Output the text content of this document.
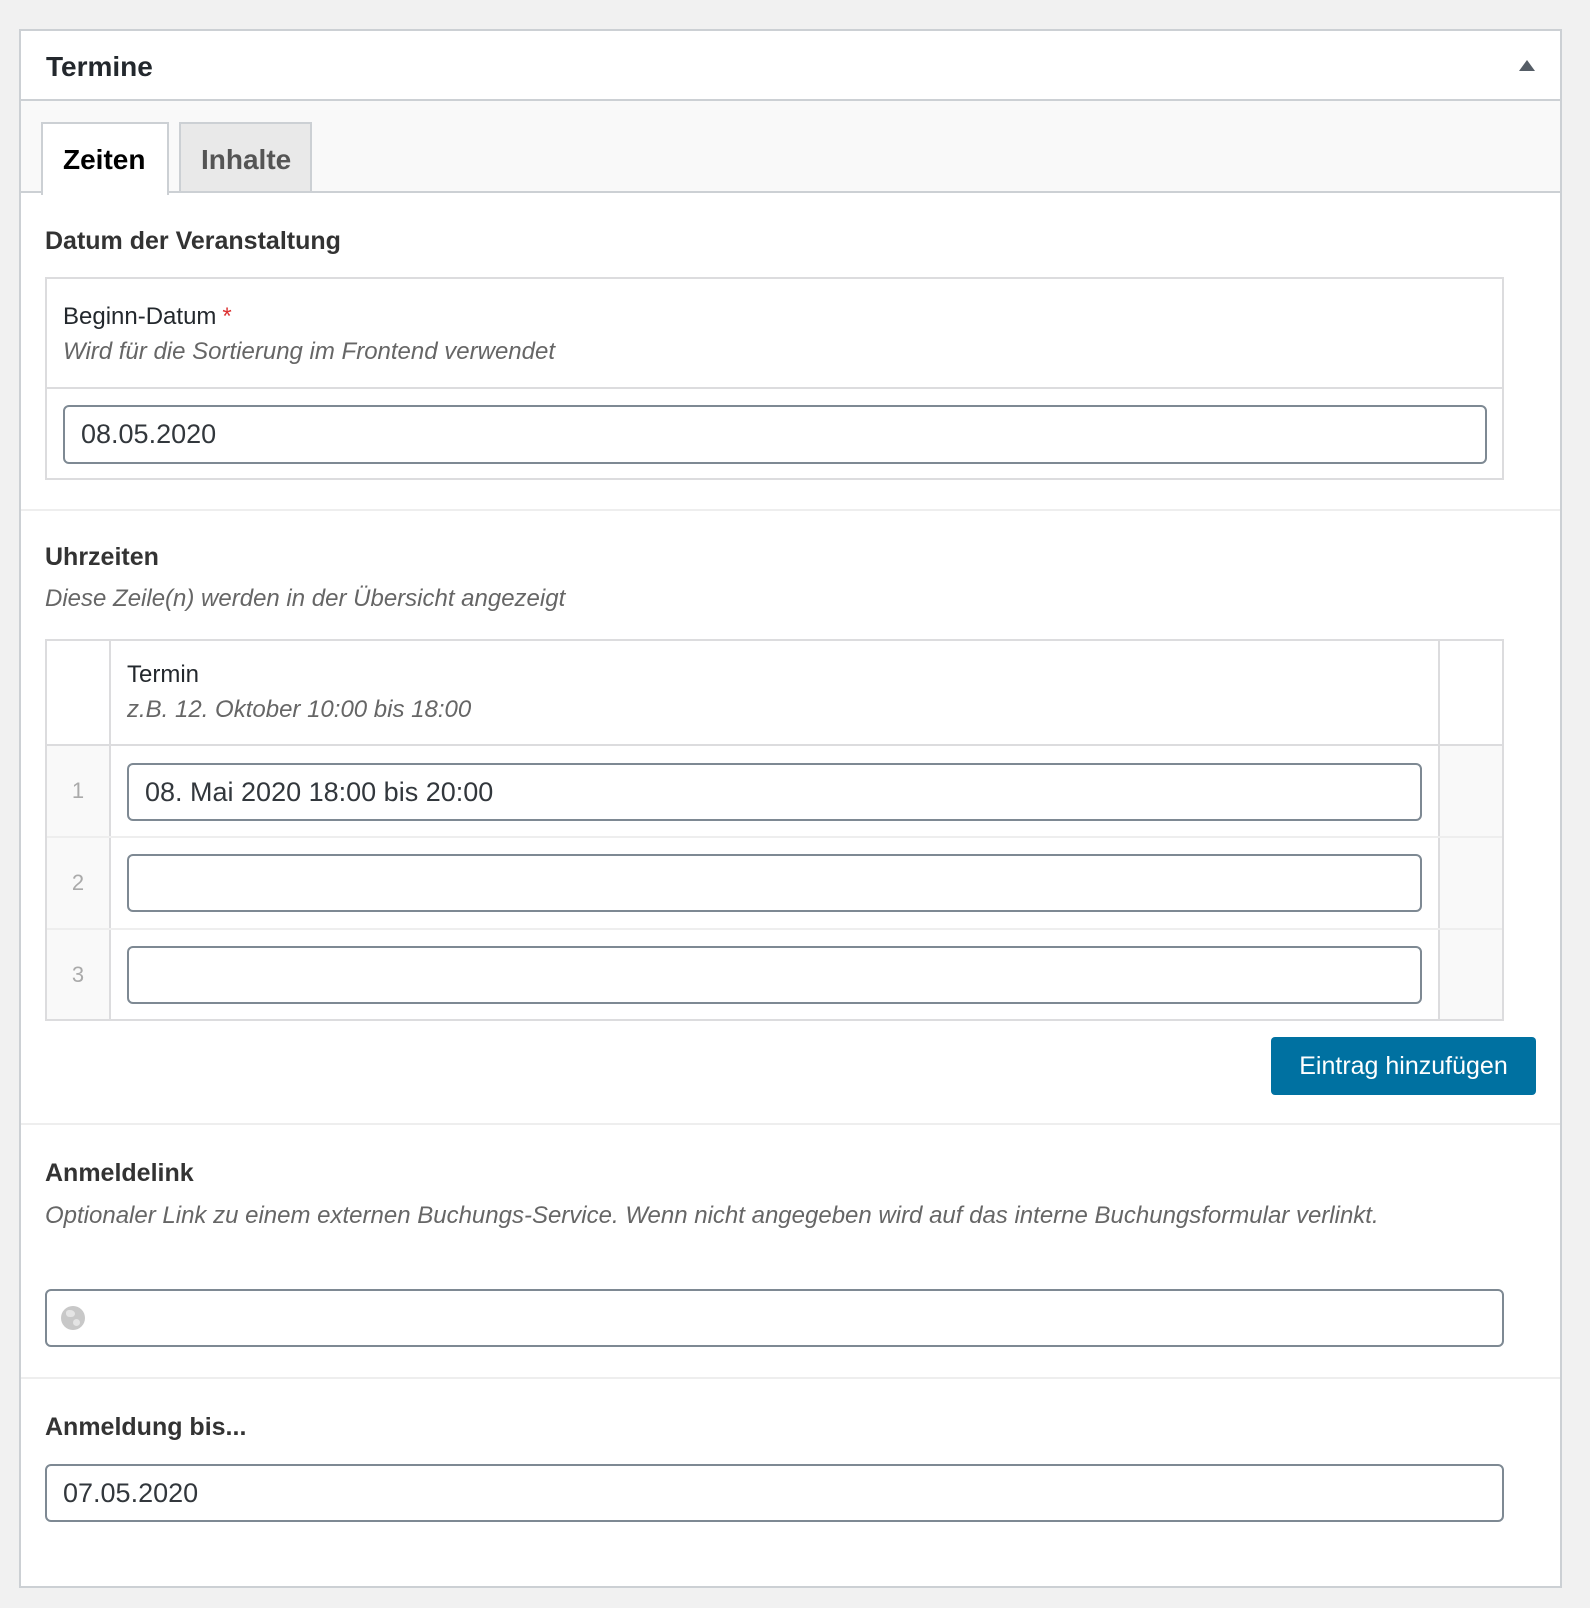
Termine
Zeiten	Inhalte
Datum der Veranstaltung
Beginn-Datum *
Wird für die Sortierung im Frontend verwendet
08.05.2020
Uhrzeiten
Diese Zeile(n) werden in der Übersicht angezeigt
Termin
z.B. 12. Oktober 10:00 bis 18:00
1	08. Mai 2020 18:00 bis 20:00
2
3
Eintrag hinzufügen
Anmeldelink
Optionaler Link zu einem externen Buchungs-Service. Wenn nicht angegeben wird auf das interne Buchungsformular verlinkt.
Anmeldung bis...
07.05.2020
